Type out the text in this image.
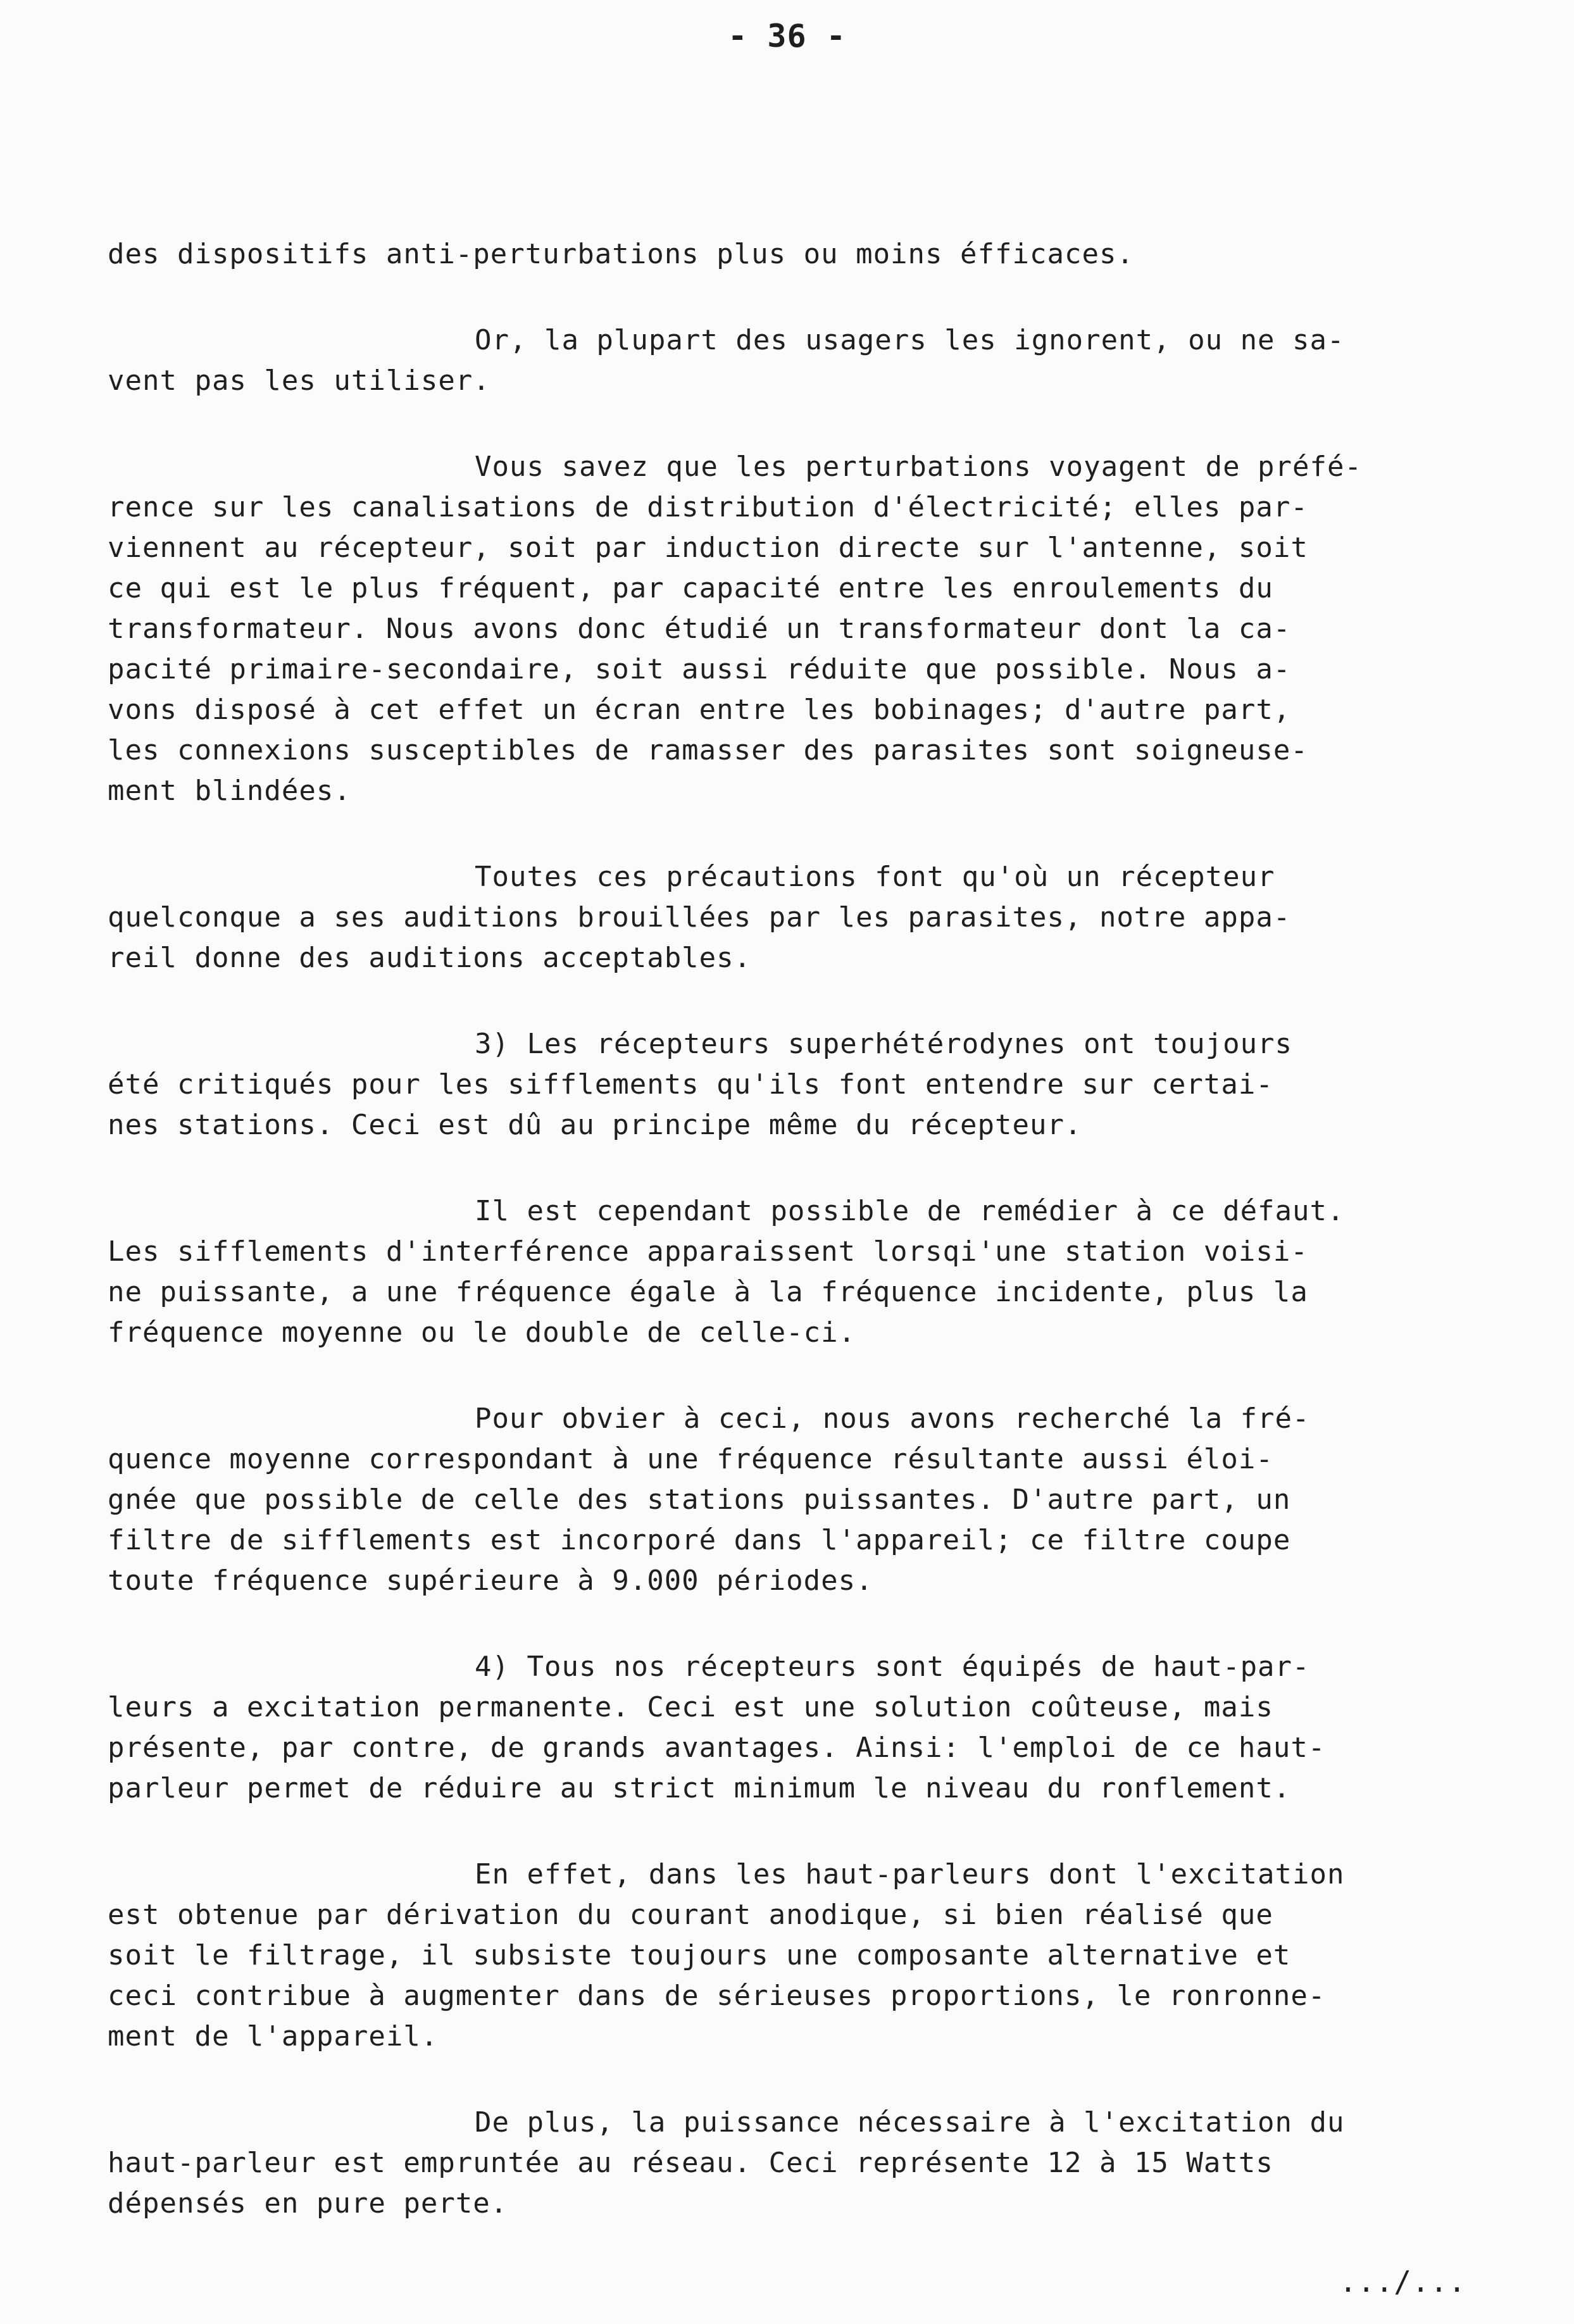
- 36 -

des dispositifs anti-perturbations plus ou moins éfficaces.

Or, la plupart des usagers les ignorent, ou ne sa-
vent pas les utiliser.

Vous savez que les perturbations voyagent de préfé-
rence sur les canalisations de distribution d'électricité; elles par-
viennent au récepteur, soit par induction directe sur l'antenne, soit
ce qui est le plus fréquent, par capacité entre les enroulements du
transformateur. Nous avons donc étudié un transformateur dont la ca-
pacité primaire-secondaire, soit aussi réduite que possible. Nous a-
vons disposé à cet effet un écran entre les bobinages; d'autre part,
les connexions susceptibles de ramasser des parasites sont soigneuse-
ment blindées.

Toutes ces précautions font qu'où un récepteur
quelconque a ses auditions brouillées par les parasites, notre appa-
reil donne des auditions acceptables.

3) Les récepteurs superhétérodynes ont toujours
été critiqués pour les sifflements qu'ils font entendre sur certai-
nes stations. Ceci est dû au principe même du récepteur.

Il est cependant possible de remédier à ce défaut.
Les sifflements d'interférence apparaissent lorsqi'une station voisi-
ne puissante, a une fréquence égale à la fréquence incidente, plus la
fréquence moyenne ou le double de celle-ci.

Pour obvier à ceci, nous avons recherché la fré-
quence moyenne correspondant à une fréquence résultante aussi éloi-
gnée que possible de celle des stations puissantes. D'autre part, un
filtre de sifflements est incorporé dans l'appareil; ce filtre coupe
toute fréquence supérieure à 9.000 périodes.

4) Tous nos récepteurs sont équipés de haut-par-
leurs a excitation permanente. Ceci est une solution coûteuse, mais
présente, par contre, de grands avantages. Ainsi: l'emploi de ce haut-
parleur permet de réduire au strict minimum le niveau du ronflement.

En effet, dans les haut-parleurs dont l'excitation
est obtenue par dérivation du courant anodique, si bien réalisé que
soit le filtrage, il subsiste toujours une composante alternative et
ceci contribue à augmenter dans de sérieuses proportions, le ronronne-
ment de l'appareil.

De plus, la puissance nécessaire à l'excitation du
haut-parleur est empruntée au réseau. Ceci représente 12 à 15 Watts
dépensés en pure perte.

.../...
